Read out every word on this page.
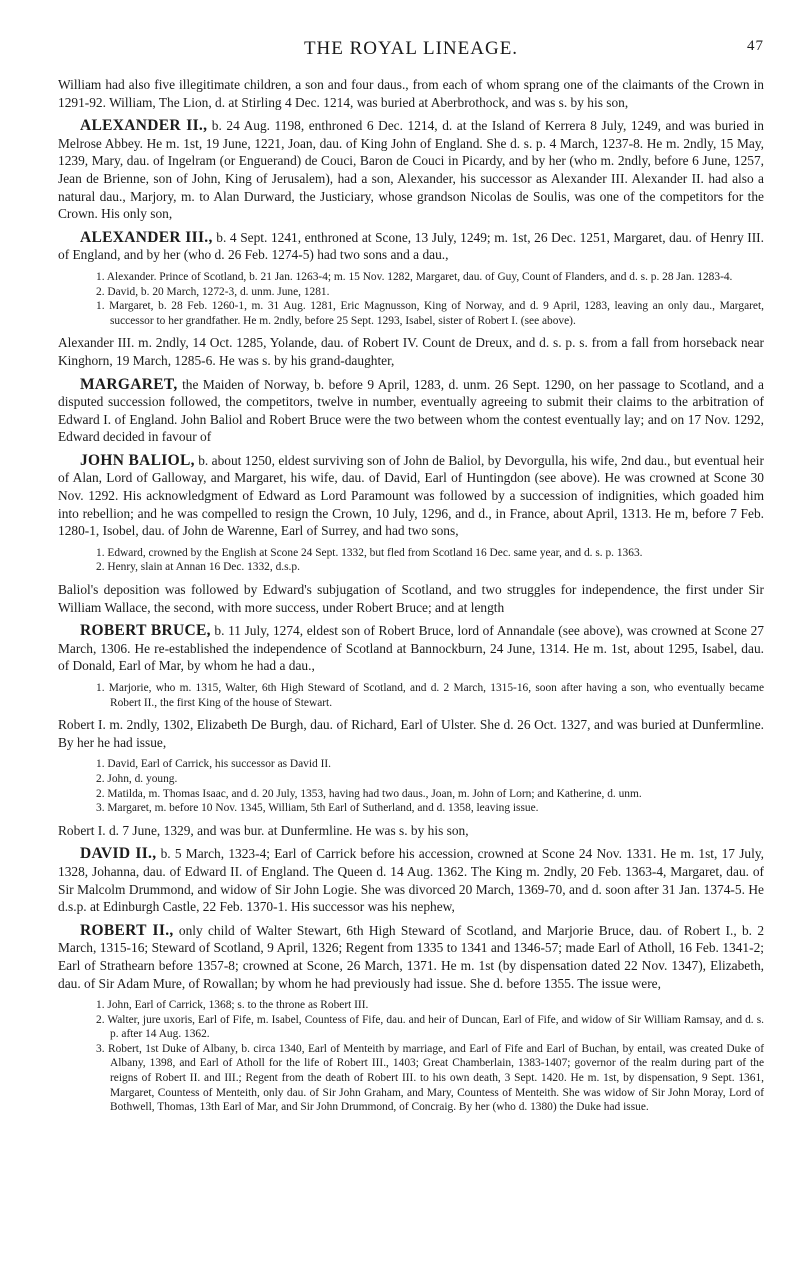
THE ROYAL LINEAGE.	47

William had also five illegitimate children, a son and four daus., from each of whom sprang one of the claimants of the Crown in 1291-92. William, The Lion, d. at Stirling 4 Dec. 1214, was buried at Aberbrothock, and was s. by his son,

ALEXANDER II., b. 24 Aug. 1198, enthroned 6 Dec. 1214, d. at the Island of Kerrera 8 July, 1249, and was buried in Melrose Abbey. He m. 1st, 19 June, 1221, Joan, dau. of King John of England. She d. s. p. 4 March, 1237-8. He m. 2ndly, 15 May, 1239, Mary, dau. of Ingelram (or Enguerand) de Couci, Baron de Couci in Picardy, and by her (who m. 2ndly, before 6 June, 1257, Jean de Brienne, son of John, King of Jerusalem), had a son, Alexander, his successor as Alexander III. Alexander II. had also a natural dau., Marjory, m. to Alan Durward, the Justiciary, whose grandson Nicolas de Soulis, was one of the competitors for the Crown. His only son,

ALEXANDER III., b. 4 Sept. 1241, enthroned at Scone, 13 July, 1249; m. 1st, 26 Dec. 1251, Margaret, dau. of Henry III. of England, and by her (who d. 26 Feb. 1274-5) had two sons and a dau.,

1. Alexander. Prince of Scotland, b. 21 Jan. 1263-4; m. 15 Nov. 1282, Margaret, dau. of Guy, Count of Flanders, and d. s. p. 28 Jan. 1283-4.
2. David, b. 20 March, 1272-3, d. unm. June, 1281.
1. Margaret, b. 28 Feb. 1260-1, m. 31 Aug. 1281, Eric Magnusson, King of Norway, and d. 9 April, 1283, leaving an only dau., Margaret, successor to her grandfather. He m. 2ndly, before 25 Sept. 1293, Isabel, sister of Robert I. (see above).

Alexander III. m. 2ndly, 14 Oct. 1285, Yolande, dau. of Robert IV. Count de Dreux, and d. s. p. s. from a fall from horseback near Kinghorn, 19 March, 1285-6. He was s. by his grand-daughter,

MARGARET, the Maiden of Norway, b. before 9 April, 1283, d. unm. 26 Sept. 1290, on her passage to Scotland, and a disputed succession followed, the competitors, twelve in number, eventually agreeing to submit their claims to the arbitration of Edward I. of England. John Baliol and Robert Bruce were the two between whom the contest eventually lay; and on 17 Nov. 1292, Edward decided in favour of

JOHN BALIOL, b. about 1250, eldest surviving son of John de Baliol, by Devorgulla, his wife, 2nd dau., but eventual heir of Alan, Lord of Galloway, and Margaret, his wife, dau. of David, Earl of Huntingdon (see above). He was crowned at Scone 30 Nov. 1292. His acknowledgment of Edward as Lord Paramount was followed by a succession of indignities, which goaded him into rebellion; and he was compelled to resign the Crown, 10 July, 1296, and d., in France, about April, 1313. He m, before 7 Feb. 1280-1, Isobel, dau. of John de Warenne, Earl of Surrey, and had two sons,

1. Edward, crowned by the English at Scone 24 Sept. 1332, but fled from Scotland 16 Dec. same year, and d. s. p. 1363.
2. Henry, slain at Annan 16 Dec. 1332, d.s.p.

Baliol's deposition was followed by Edward's subjugation of Scotland, and two struggles for independence, the first under Sir William Wallace, the second, with more success, under Robert Bruce; and at length

ROBERT BRUCE, b. 11 July, 1274, eldest son of Robert Bruce, lord of Annandale (see above), was crowned at Scone 27 March, 1306. He re-established the independence of Scotland at Bannockburn, 24 June, 1314. He m. 1st, about 1295, Isabel, dau. of Donald, Earl of Mar, by whom he had a dau.,

1. Marjorie, who m. 1315, Walter, 6th High Steward of Scotland, and d. 2 March, 1315-16, soon after having a son, who eventually became Robert II., the first King of the house of Stewart.

Robert I. m. 2ndly, 1302, Elizabeth De Burgh, dau. of Richard, Earl of Ulster. She d. 26 Oct. 1327, and was buried at Dunfermline. By her he had issue,

1. David, Earl of Carrick, his successor as David II.
2. John, d. young.
2. Matilda, m. Thomas Isaac, and d. 20 July, 1353, having had two daus., Joan, m. John of Lorn; and Katherine, d. unm.
3. Margaret, m. before 10 Nov. 1345, William, 5th Earl of Sutherland, and d. 1358, leaving issue.

Robert I. d. 7 June, 1329, and was bur. at Dunfermline. He was s. by his son,

DAVID II., b. 5 March, 1323-4; Earl of Carrick before his accession, crowned at Scone 24 Nov. 1331. He m. 1st, 17 July, 1328, Johanna, dau. of Edward II. of England. The Queen d. 14 Aug. 1362. The King m. 2ndly, 20 Feb. 1363-4, Margaret, dau. of Sir Malcolm Drummond, and widow of Sir John Logie. She was divorced 20 March, 1369-70, and d. soon after 31 Jan. 1374-5. He d.s.p. at Edinburgh Castle, 22 Feb. 1370-1. His successor was his nephew,

ROBERT II., only child of Walter Stewart, 6th High Steward of Scotland, and Marjorie Bruce, dau. of Robert I., b. 2 March, 1315-16; Steward of Scotland, 9 April, 1326; Regent from 1335 to 1341 and 1346-57; made Earl of Atholl, 16 Feb. 1341-2; Earl of Strathearn before 1357-8; crowned at Scone, 26 March, 1371. He m. 1st (by dispensation dated 22 Nov. 1347), Elizabeth, dau. of Sir Adam Mure, of Rowallan; by whom he had previously had issue. She d. before 1355. The issue were,

1. John, Earl of Carrick, 1368; s. to the throne as Robert III.
2. Walter, jure uxoris, Earl of Fife, m. Isabel, Countess of Fife, dau. and heir of Duncan, Earl of Fife, and widow of Sir William Ramsay, and d. s. p. after 14 Aug. 1362.
3. Robert, 1st Duke of Albany, b. circa 1340, Earl of Menteith by marriage, and Earl of Fife and Earl of Buchan, by entail, was created Duke of Albany, 1398, and Earl of Atholl for the life of Robert III., 1403; Great Chamberlain, 1383-1407; governor of the realm during part of the reigns of Robert II. and III.; Regent from the death of Robert III. to his own death, 3 Sept. 1420. He m. 1st, by dispensation, 9 Sept. 1361, Margaret, Countess of Menteith, only dau. of Sir John Graham, and Mary, Countess of Menteith. She was widow of Sir John Moray, Lord of Bothwell, Thomas, 13th Earl of Mar, and Sir John Drummond, of Concraig. By her (who d. 1380) the Duke had issue.
